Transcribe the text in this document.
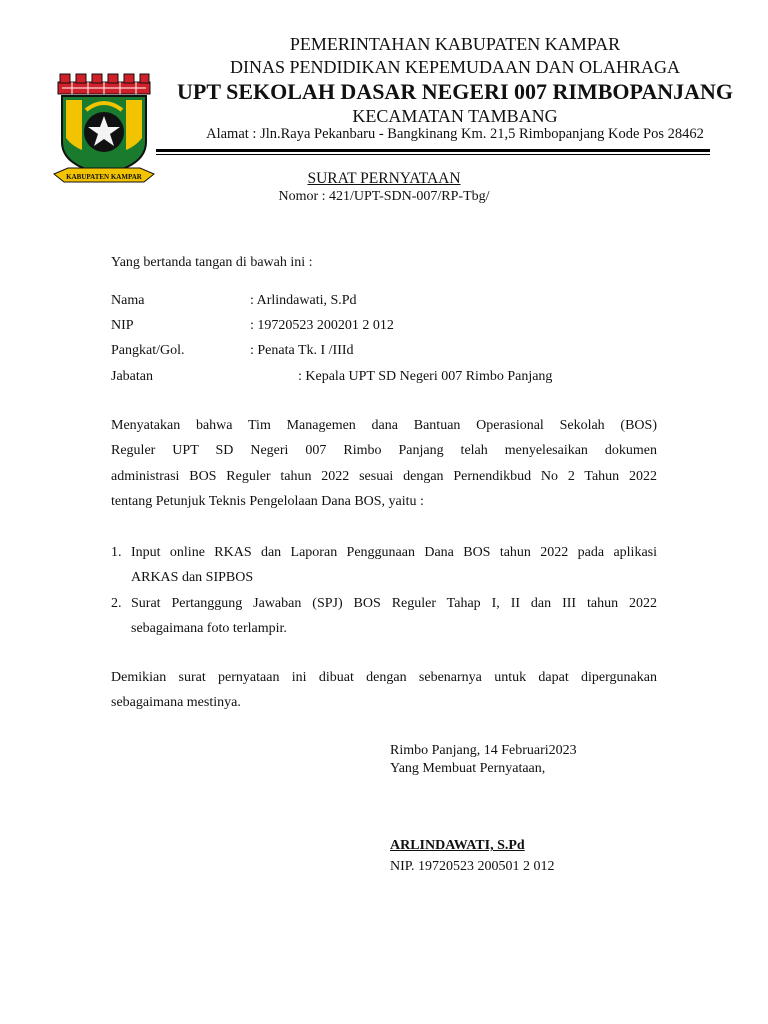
KABUPATEN KAMPAR
PEMERINTAHAN KABUPATEN KAMPAR
DINAS PENDIDIKAN KEPEMUDAAN DAN OLAHRAGA
UPT SEKOLAH DASAR NEGERI 007 RIMBOPANJANG
KECAMATAN TAMBANG
Alamat : Jln.Raya Pekanbaru - Bangkinang Km. 21,5 Rimbopanjang Kode Pos 28462
SURAT PERNYATAAN
Nomor : 421/UPT-SDN-007/RP-Tbg/
Yang bertanda tangan di bawah ini :
Nama	: Arlindawati, S.Pd
NIP	: 19720523 200201 2 012
Pangkat/Gol.	: Penata Tk. I /IIId
Jabatan	: Kepala UPT SD Negeri 007 Rimbo Panjang
Menyatakan bahwa Tim Managemen dana Bantuan Operasional Sekolah (BOS)
Reguler UPT SD Negeri 007 Rimbo Panjang telah menyelesaikan dokumen
administrasi BOS Reguler tahun 2022 sesuai dengan Pernendikbud No 2 Tahun 2022
tentang Petunjuk Teknis Pengelolaan Dana BOS, yaitu :
1. Input online RKAS dan Laporan Penggunaan Dana BOS tahun 2022 pada aplikasi
ARKAS dan SIPBOS
2. Surat Pertanggung Jawaban (SPJ) BOS Reguler Tahap I, II dan III tahun 2022
sebagaimana foto terlampir.
Demikian surat pernyataan ini dibuat dengan sebenarnya untuk dapat dipergunakan
sebagaimana mestinya.
Rimbo Panjang, 14 Februari2023
Yang Membuat Pernyataan,
ARLINDAWATI, S.Pd
NIP. 19720523 200501 2 012
